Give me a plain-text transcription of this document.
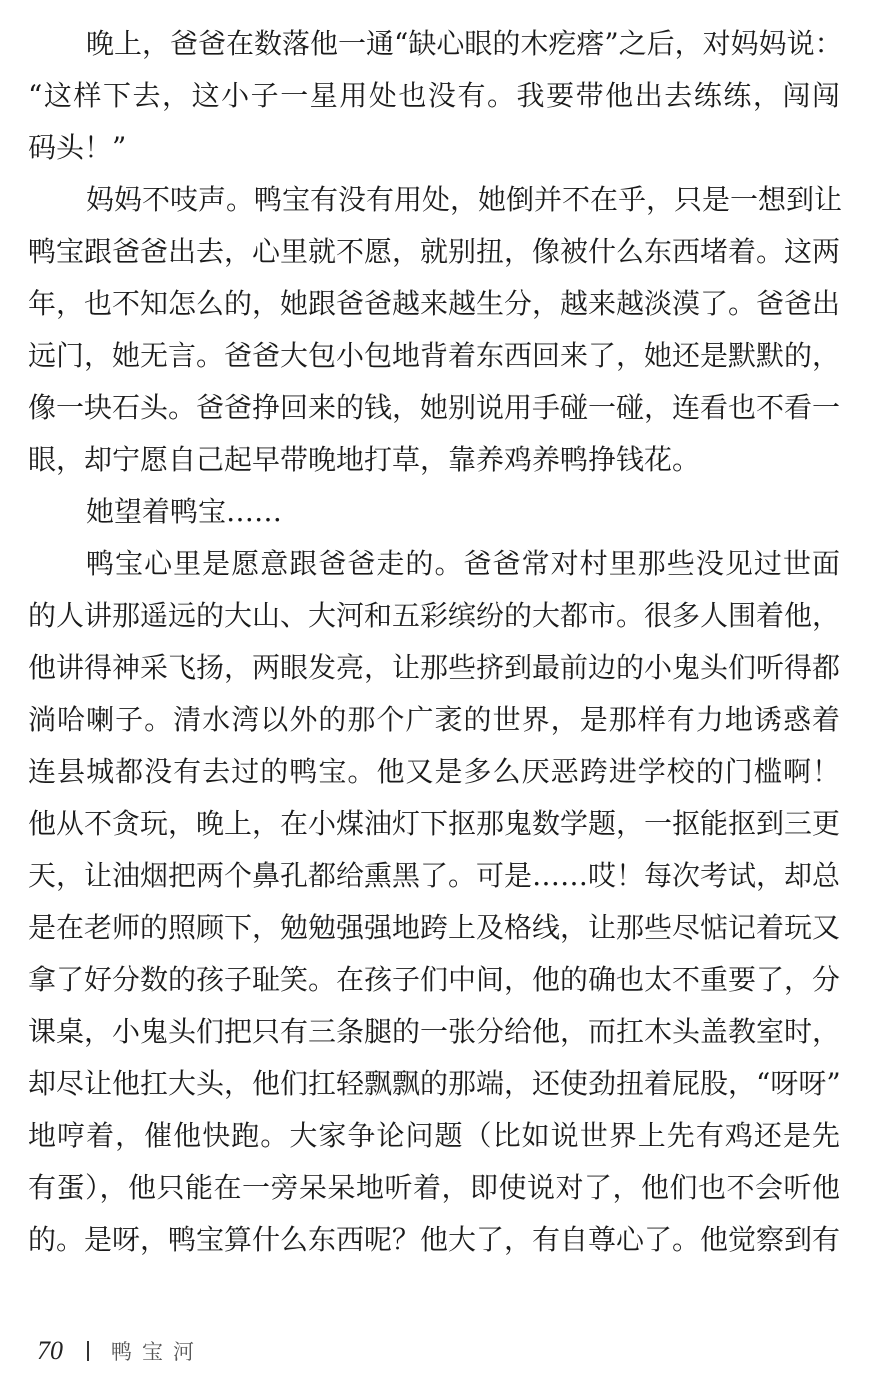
晚上，爸爸在数落他一通“缺心眼的木疙瘩”之后，对妈妈说：
“这样下去，这小子一星用处也没有。我要带他出去练练，闯闯
码头！”
妈妈不吱声。鸭宝有没有用处，她倒并不在乎，只是一想到让
鸭宝跟爸爸出去，心里就不愿，就别扭，像被什么东西堵着。这两
年，也不知怎么的，她跟爸爸越来越生分，越来越淡漠了。爸爸出
远门，她无言。爸爸大包小包地背着东西回来了，她还是默默的，
像一块石头。爸爸挣回来的钱，她别说用手碰一碰，连看也不看一
眼，却宁愿自己起早带晚地打草，靠养鸡养鸭挣钱花。
她望着鸭宝……
鸭宝心里是愿意跟爸爸走的。爸爸常对村里那些没见过世面
的人讲那遥远的大山、大河和五彩缤纷的大都市。很多人围着他，
他讲得神采飞扬，两眼发亮，让那些挤到最前边的小鬼头们听得都
淌哈喇子。清水湾以外的那个广袤的世界，是那样有力地诱惑着
连县城都没有去过的鸭宝。他又是多么厌恶跨进学校的门槛啊！
他从不贪玩，晚上，在小煤油灯下抠那鬼数学题，一抠能抠到三更
天，让油烟把两个鼻孔都给熏黑了。可是……哎！每次考试，却总
是在老师的照顾下，勉勉强强地跨上及格线，让那些尽惦记着玩又
拿了好分数的孩子耻笑。在孩子们中间，他的确也太不重要了，分
课桌，小鬼头们把只有三条腿的一张分给他，而扛木头盖教室时，
却尽让他扛大头，他们扛轻飘飘的那端，还使劲扭着屁股，“呀呀”
地哼着，催他快跑。大家争论问题（比如说世界上先有鸡还是先
有蛋），他只能在一旁呆呆地听着，即使说对了，他们也不会听他
的。是呀，鸭宝算什么东西呢？他大了，有自尊心了。他觉察到有
70	鸭宝河
